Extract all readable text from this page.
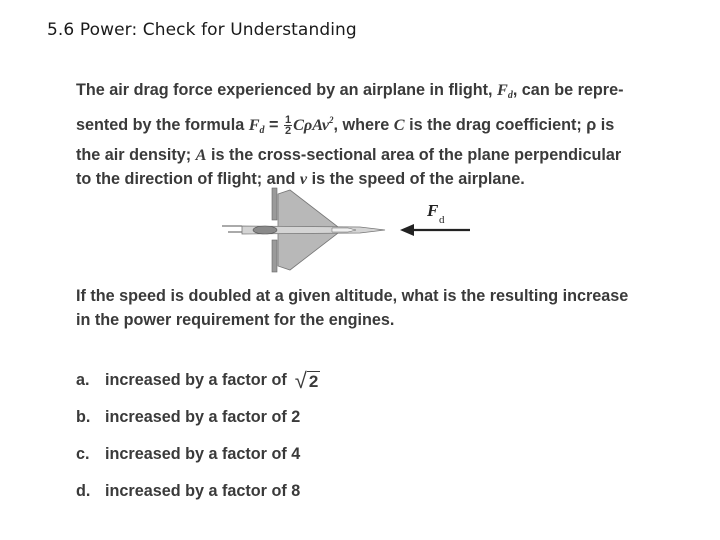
5.6 Power: Check for Understanding

The air drag force experienced by an airplane in flight, $F_d$, can be repre-

sented by the formula $F_d = \frac{1}{2} C\rho Av^2$, where C is the drag coefficient; ρ is

the air density; A is the cross-sectional area of the plane perpendicular

to the direction of flight; and v is the speed of the airplane.

F d

If the speed is doubled at a given altitude, what is the resulting increase

in the power requirement for the engines.

a. increased by a factor of √ 2
b. increased by a factor of 2
c. increased by a factor of 4
d. increased by a factor of 8
